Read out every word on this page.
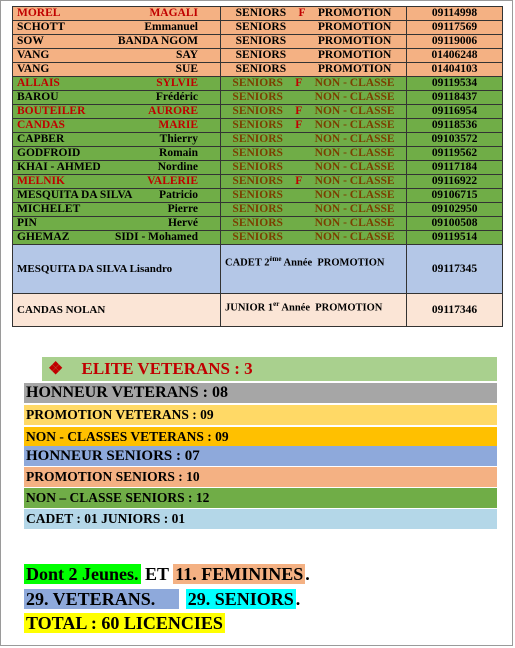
MOREL MAGALI	SENIORS F PROMOTION	09114998

SCHOTT Emmanuel	SENIORS PROMOTION	09117569

SOW BANDA NGOM	SENIORS PROMOTION	09119006

VANG SAY	SENIORS PROMOTION	01406248

VANG SUE	SENIORS PROMOTION	01404103

ALLAIS SYLVIE	SENIORS F NON - CLASSE	09119534

BAROU Frédéric	SENIORS NON - CLASSE	09118437

BOUTEILER AURORE	SENIORS F NON - CLASSE	09116954

CANDAS MARIE	SENIORS F NON - CLASSE	09118536

CAPBER Thierry	SENIORS NON - CLASSE	09103572

GODFROID Romain	SENIORS NON - CLASSE	09119562

KHAI - AHMED Nordine	SENIORS NON - CLASSE	09117184

MELNIK VALERIE	SENIORS F NON - CLASSE	09116922

MESQUITA DA SILVA Patricio	SENIORS NON - CLASSE	09106715

MICHELET Pierre	SENIORS NON - CLASSE	09102950

PIN Hervé	SENIORS NON - CLASSE	09100508

GHEMAZ SIDI - Mohamed	SENIORS NON - CLASSE	09119514
MESQUITA DA SILVA Lisandro	CADET 2ème Année PROMOTION	09117345
CANDAS NOLAN	JUNIOR 1er Année PROMOTION	09117346
❖ ELITE VETERANS : 3
HONNEUR VETERANS : 08
PROMOTION VETERANS : 09
NON - CLASSES VETERANS : 09
HONNEUR SENIORS : 07
PROMOTION SENIORS : 10
NON – CLASSE SENIORS : 12
CADET : 01 JUNIORS : 01
Dont 2 Jeunes. ET 11. FEMININES .
29. VETERANS. 29. SENIORS .
TOTAL : 60 LICENCIES
